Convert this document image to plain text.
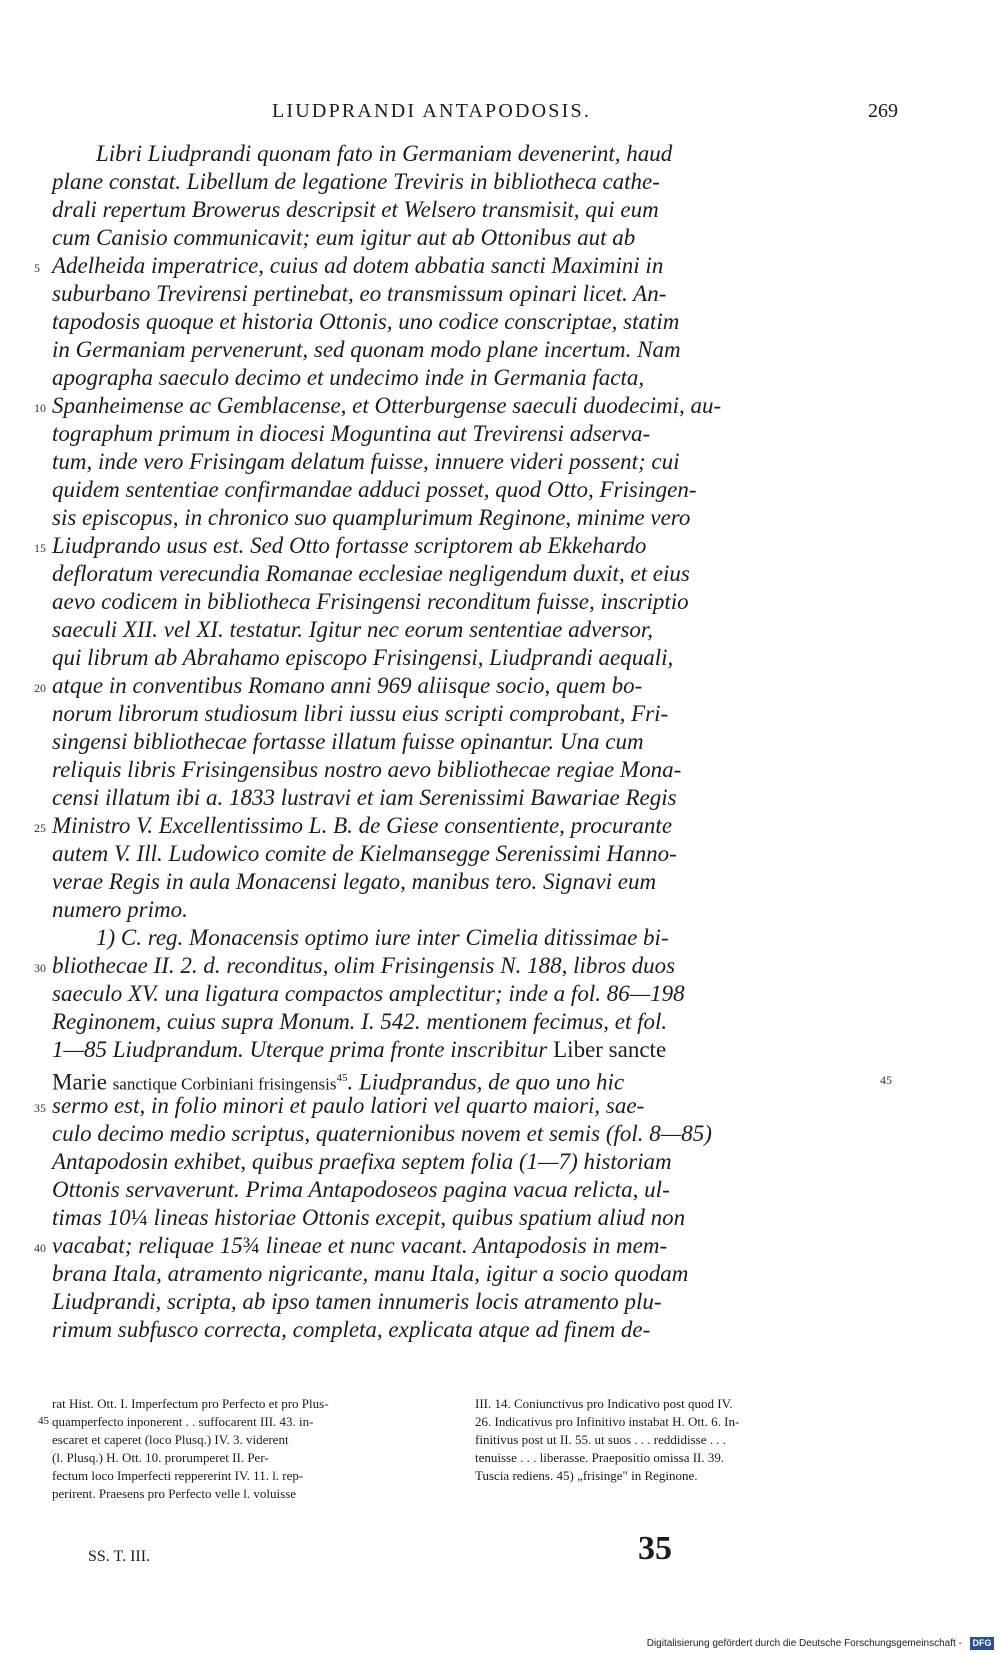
LIUDPRANDI ANTAPODOSIS.	269
Libri Liudprandi quonam fato in Germaniam devenerint, haud
plane constat. Libellum de legatione Treviris in bibliotheca cathe-
drali repertum Browerus descripsit et Welsero transmisit, qui eum
cum Canisio communicavit; eum igitur aut ab Ottonibus aut ab
Adelheida imperatrice, cuius ad dotem abbatia sancti Maximini in
suburbano Trevirensi pertinebat, eo transmissum opinari licet. An-
tapodosis quoque et historia Ottonis, uno codice conscriptae, statim
in Germaniam pervenerunt, sed quonam modo plane incertum. Nam
apographa saeculo decimo et undecimo inde in Germania facta,
Spanheimense ac Gemblacense, et Otterburgense saeculi duodecimi, au-
tographum primum in diocesi Moguntina aut Trevirensi adserva-
tum, inde vero Frisingam delatum fuisse, innuere videri possent; cui
quidem sententiae confirmandae adduci posset, quod Otto, Frisingen-
sis episcopus, in chronico suo quamplurimum Reginone, minime vero
Liudprando usus est. Sed Otto fortasse scriptorem ab Ekkehardo
defloratum verecundia Romanae ecclesiae negligendum duxit, et eius
aevo codicem in bibliotheca Frisingensi reconditum fuisse, inscriptio
saeculi XII. vel XI. testatur. Igitur nec eorum sententiae adversor,
qui librum ab Abrahamo episcopo Frisingensi, Liudprandi aequali,
atque in conventibus Romano anni 969 aliisque socio, quem bo-
norum librorum studiosum libri iussu eius scripti comprobant, Fri-
singensi bibliothecae fortasse illatum fuisse opinantur. Una cum
reliquis libris Frisingensibus nostro aevo bibliothecae regiae Mona-
censi illatum ibi a. 1833 lustravi et iam Serenissimi Bawariae Regis
Ministro V. Excellentissimo L. B. de Giese consentiente, procurante
autem V. Ill. Ludowico comite de Kielmansegge Serenissimi Hanno-
verae Regis in aula Monacensi legato, manibus tero. Signavi eum
numero primo.
1) C. reg. Monacensis optimo iure inter Cimelia ditissimae bi-
bliothecae II. 2. d. reconditus, olim Frisingensis N. 188, libros duos
saeculo XV. una ligatura compactos amplectitur; inde a fol. 86—198
Reginonem, cuius supra Monum. I. 542. mentionem fecimus, et fol.
1—85 Liudprandum. Uterque prima fronte inscribitur Liber sancte
Marie sanctique Corbiniani frisingensis$^{45}$. Liudprandus, de quo uno hic
sermo est, in folio minori et paulo latiori vel quarto maiori, sae-
culo decimo medio scriptus, quaternionibus novem et semis (fol. 8—85)
Antapodosin exhibet, quibus praefixa septem folia (1—7) historiam
Ottonis servaverunt. Prima Antapodoseos pagina vacua relicta, ul-
timas 10¼ lineas historiae Ottonis excepit, quibus spatium aliud non
vacabat; reliquae 15¾ lineae et nunc vacant. Antapodosis in mem-
brana Itala, atramento nigricante, manu Itala, igitur a socio quodam
Liudprandi, scripta, ab ipso tamen innumeris locis atramento plu-
rimum subfusco correcta, completa, explicata atque ad finem de-
5
10
15
20
25
30
35
40
45
45
rat Hist. Ott. I. Imperfectum pro Perfecto et pro Plus-
quamperfecto inponerent . . suffocarent III. 43. in-
escaret et caperet (loco Plusq.) IV. 3. viderent
(l. Plusq.) H. Ott. 10. prorumperet II. Per-
fectum loco Imperfecti reppererint IV. 11. l. rep-
perirent. Praesens pro Perfecto velle l. voluisse
III. 14. Coniunctivus pro Indicativo post quod IV.
26. Indicativus pro Infinitivo instabat H. Ott. 6. In-
finitivus post ut II. 55. ut suos . . . reddidisse . . .
tenuisse . . . liberasse. Praepositio omissa II. 39.
Tuscia rediens. 45) „frisinge" in Reginone.
SS. T. III.	35
Digitalisierung gefördert durch die Deutsche Forschungsgemeinschaft - DFG
